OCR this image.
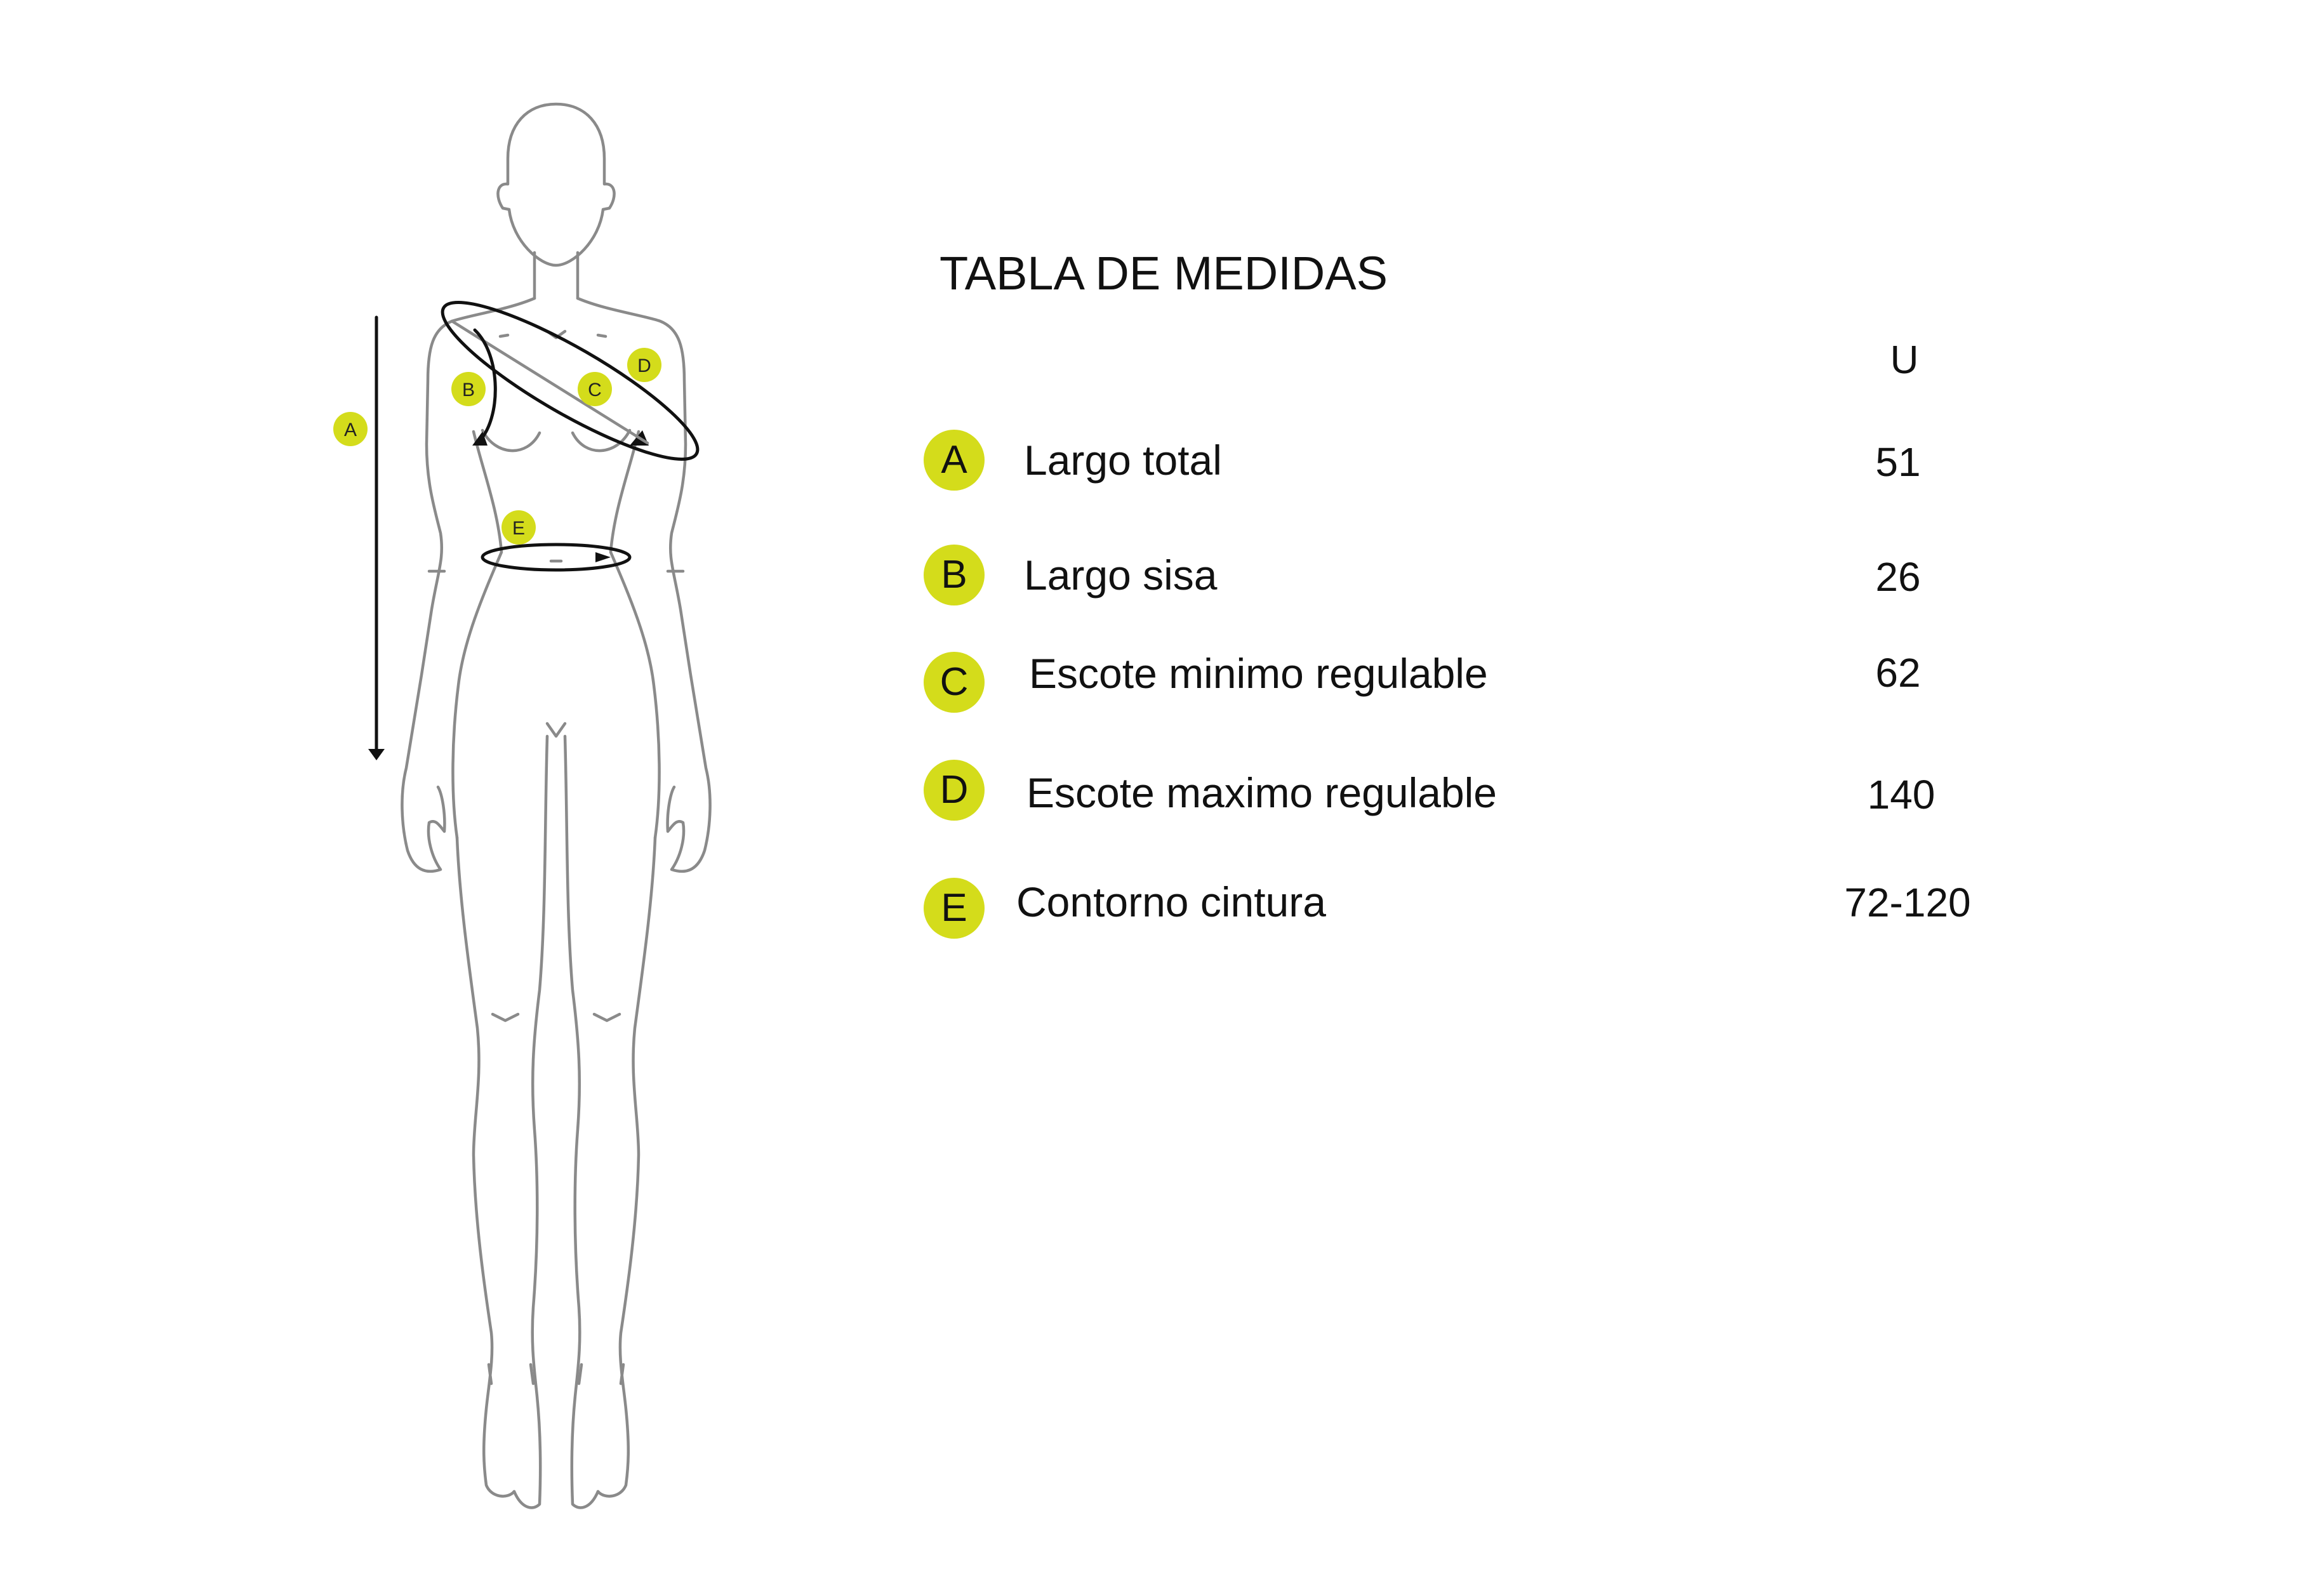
A
B	C
D
E
TABLA DE MEDIDAS
U
A	Largo total	51
B	Largo sisa	26
C	Escote minimo regulable	62
D	Escote maximo regulable	140
E	Contorno cintura	72-120
